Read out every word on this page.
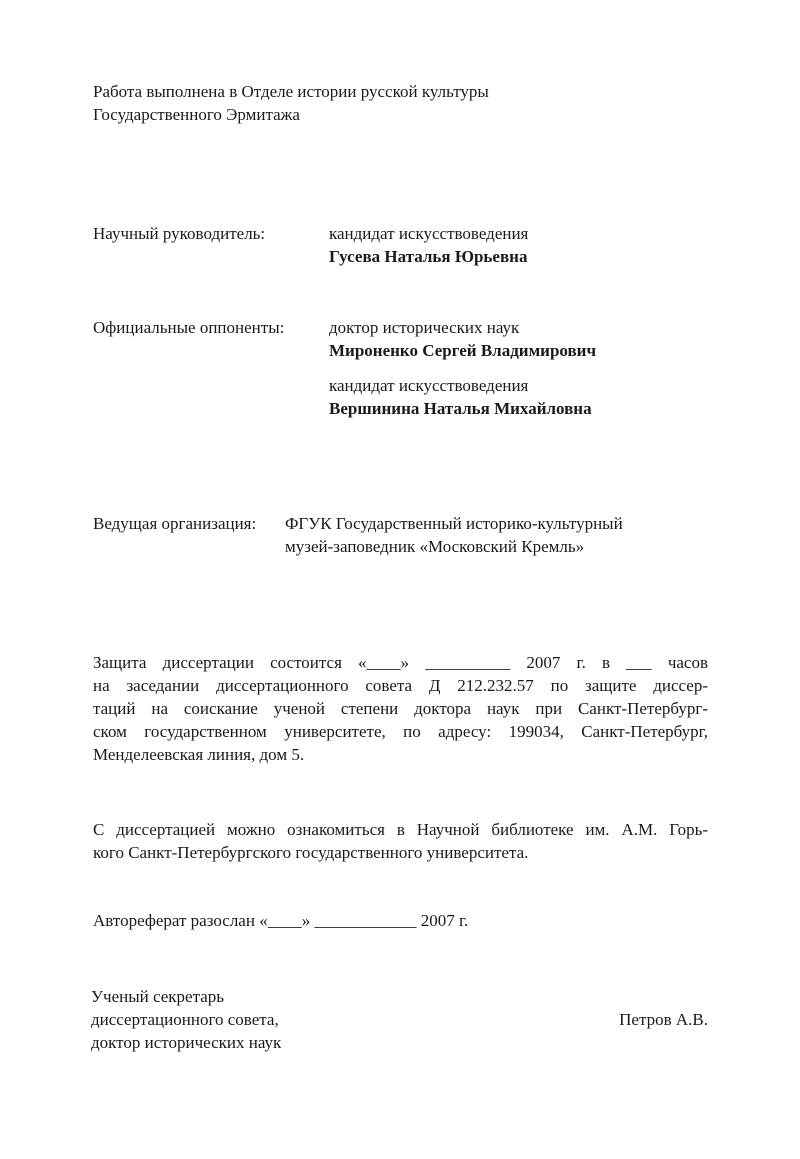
Работа выполнена в Отделе истории русской культуры
Государственного Эрмитажа
Научный руководитель:	кандидат искусствоведения
Гусева Наталья Юрьевна
Официальные оппоненты:	доктор исторических наук
Мироненко Сергей Владимирович
кандидат искусствоведения
Вершинина Наталья Михайловна
Ведущая организация: ФГУК Государственный историко-культурный
музей-заповедник «Московский Кремль»
Защита диссертации состоится «____» __________ 2007 г. в ___ часов
на заседании диссертационного совета Д 212.232.57 по защите диссер-
таций на соискание ученой степени доктора наук при Санкт-Петербург-
ском государственном университете, по адресу: 199034, Санкт-Петербург,
Менделеевская линия, дом 5.
С диссертацией можно ознакомиться в Научной библиотеке им. А.М. Горь-
кого Санкт-Петербургского государственного университета.
Автореферат разослан «____» ____________ 2007 г.
Ученый секретарь
диссертационного совета,
доктор исторических наук
Петров А.В.
